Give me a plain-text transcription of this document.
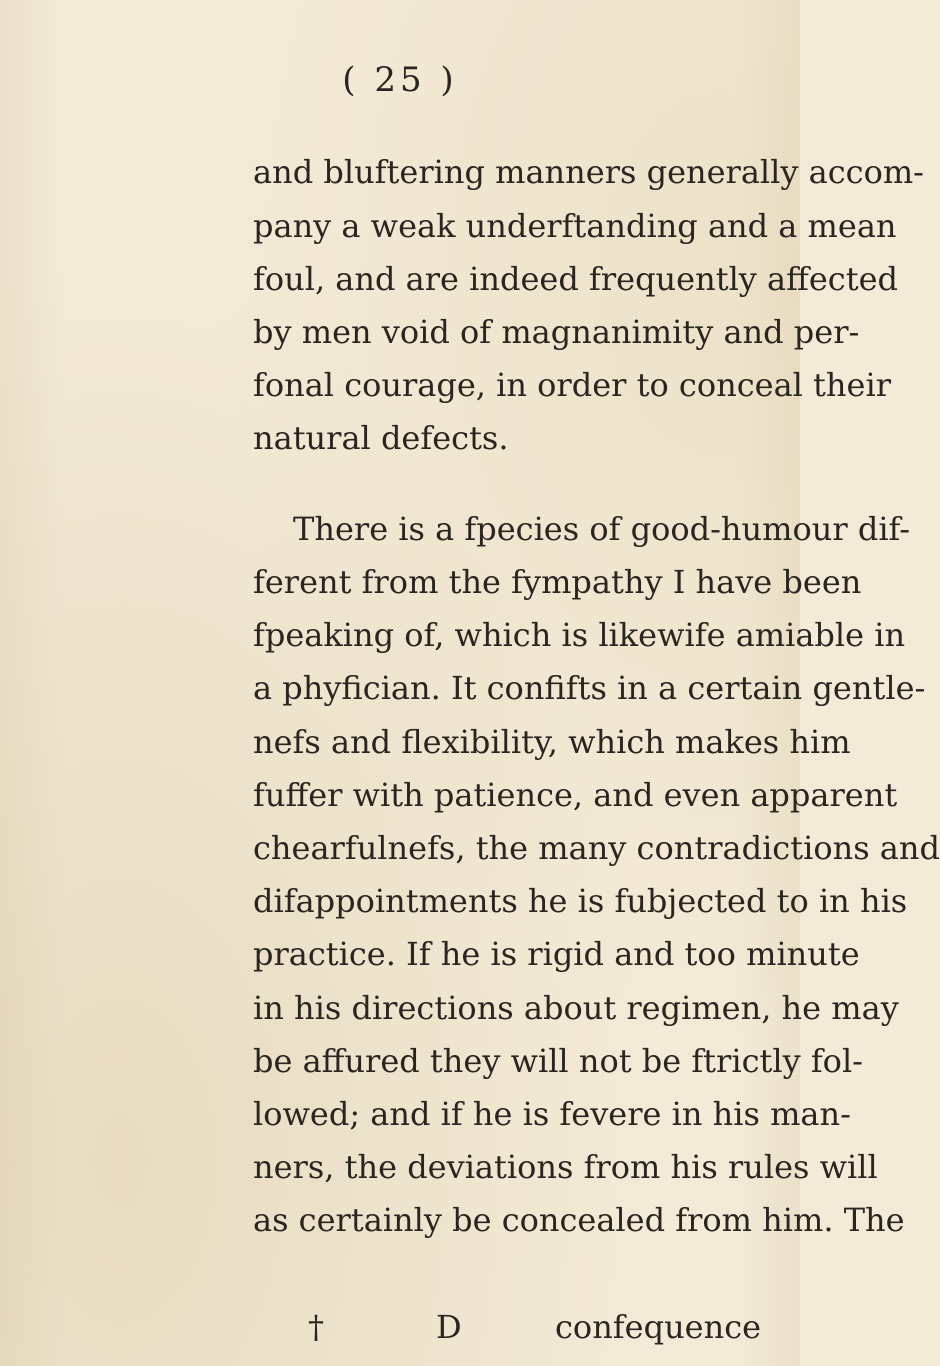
( 25 )
and bluftering manners generally accom-
pany a weak underftanding and a mean
foul, and are indeed frequently affected
by men void of magnanimity and per-
fonal courage, in order to conceal their
natural defects.
There is a fpecies of good-humour dif-
ferent from the fympathy I have been
fpeaking of, which is likewife amiable in
a phyfician. It confifts in a certain gentle-
nefs and flexibility, which makes him
fuffer with patience, and even apparent
chearfulnefs, the many contradictions and
difappointments he is fubjected to in his
practice. If he is rigid and too minute
in his directions about regimen, he may
be affured they will not be ftrictly fol-
lowed; and if he is fevere in his man-
ners, the deviations from his rules will
as certainly be concealed from him. The
†	D	confequence
